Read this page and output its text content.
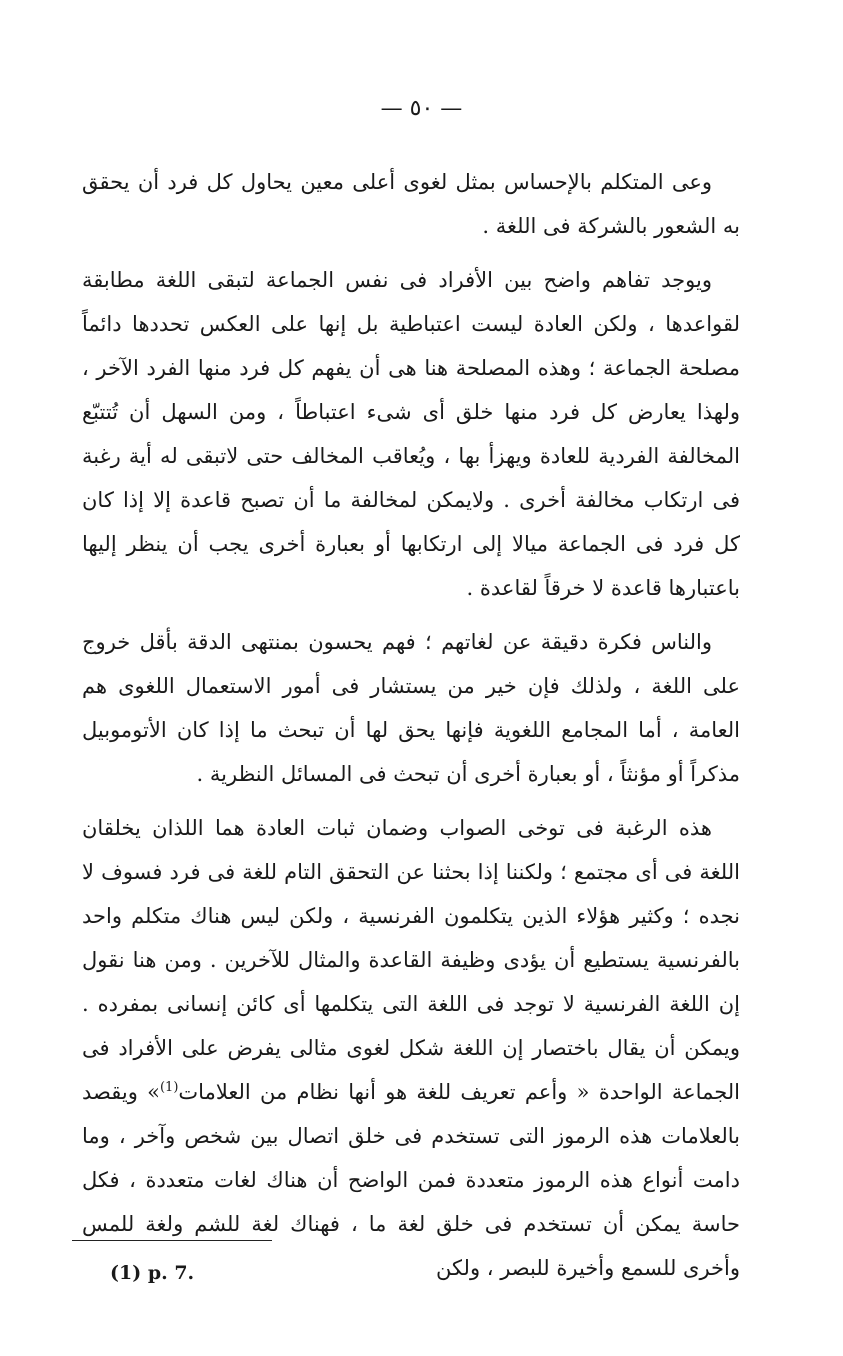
— ٥٠ —

وعى المتكلم بالإحساس بمثل لغوى أعلى معين يحاول كل فرد أن يحقق به الشعور بالشركة فى اللغة .

ويوجد تفاهم واضح بين الأفراد فى نفس الجماعة لتبقى اللغة مطابقة لقواعدها ، ولكن العادة ليست اعتباطية بل إنها على العكس تحددها دائماً مصلحة الجماعة ؛ وهذه المصلحة هنا هى أن يفهم كل فرد منها الفرد الآخر ، ولهذا يعارض كل فرد منها خلق أى شىء اعتباطاً ، ومن السهل أن تُتتبّع المخالفة الفردية للعادة ويهزأ بها ، ويُعاقب المخالف حتى لاتبقى له أية رغبة فى ارتكاب مخالفة أخرى . ولايمكن لمخالفة ما أن تصبح قاعدة إلا إذا كان كل فرد فى الجماعة ميالا إلى ارتكابها أو بعبارة أخرى يجب أن ينظر إليها باعتبارها قاعدة لا خرقاً لقاعدة .

والناس فكرة دقيقة عن لغاتهم ؛ فهم يحسون بمنتهى الدقة بأقل خروج على اللغة ، ولذلك فإن خير من يستشار فى أمور الاستعمال اللغوى هم العامة ، أما المجامع اللغوية فإنها يحق لها أن تبحث ما إذا كان الأتوموبيل مذكراً أو مؤنثاً ، أو بعبارة أخرى أن تبحث فى المسائل النظرية .

هذه الرغبة فى توخى الصواب وضمان ثبات العادة هما اللذان يخلقان اللغة فى أى مجتمع ؛ ولكننا إذا بحثنا عن التحقق التام للغة فى فرد فسوف لا نجده ؛ وكثير هؤلاء الذين يتكلمون الفرنسية ، ولكن ليس هناك متكلم واحد بالفرنسية يستطيع أن يؤدى وظيفة القاعدة والمثال للآخرين . ومن هنا نقول إن اللغة الفرنسية لا توجد فى اللغة التى يتكلمها أى كائن إنسانى بمفرده . ويمكن أن يقال باختصار إن اللغة شكل لغوى مثالى يفرض على الأفراد فى الجماعة الواحدة « وأعم تعريف للغة هو أنها نظام من العلامات$^{(1)}$» ويقصد بالعلامات هذه الرموز التى تستخدم فى خلق اتصال بين شخص وآخر ، وما دامت أنواع هذه الرموز متعددة فمن الواضح أن هناك لغات متعددة ، فكل حاسة يمكن أن تستخدم فى خلق لغة ما ، فهناك لغة للشم ولغة للمس وأخرى للسمع وأخيرة للبصر ، ولكن

(1) p. 7.
